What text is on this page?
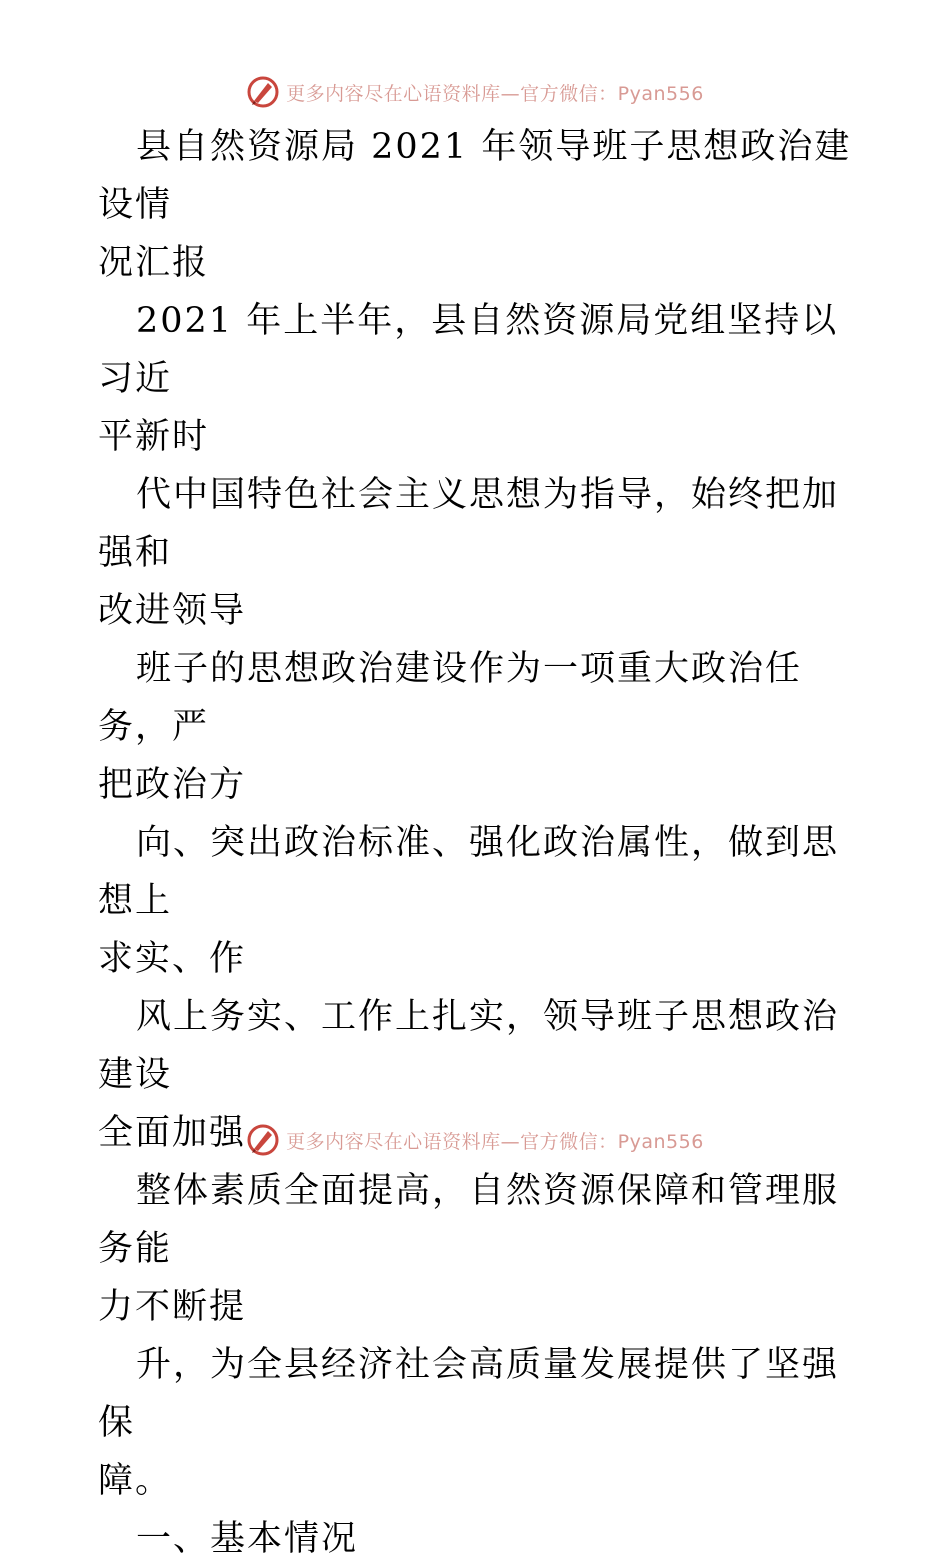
更多内容尽在心语资料库—官方微信：Pyan556

县自然资源局 2021 年领导班子思想政治建设情
况汇报

2021 年上半年，县自然资源局党组坚持以习近
平新时

代中国特色社会主义思想为指导，始终把加强和
改进领导

班子的思想政治建设作为一项重大政治任务，严
把政治方

向、突出政治标准、强化政治属性，做到思想上
求实、作

风上务实、工作上扎实，领导班子思想政治建设
全面加强

整体素质全面提高，自然资源保障和管理服务能
力不断提

升，为全县经济社会高质量发展提供了坚强保
障。

一、基本情况

更多内容尽在心语资料库—官方微信：Pyan556
